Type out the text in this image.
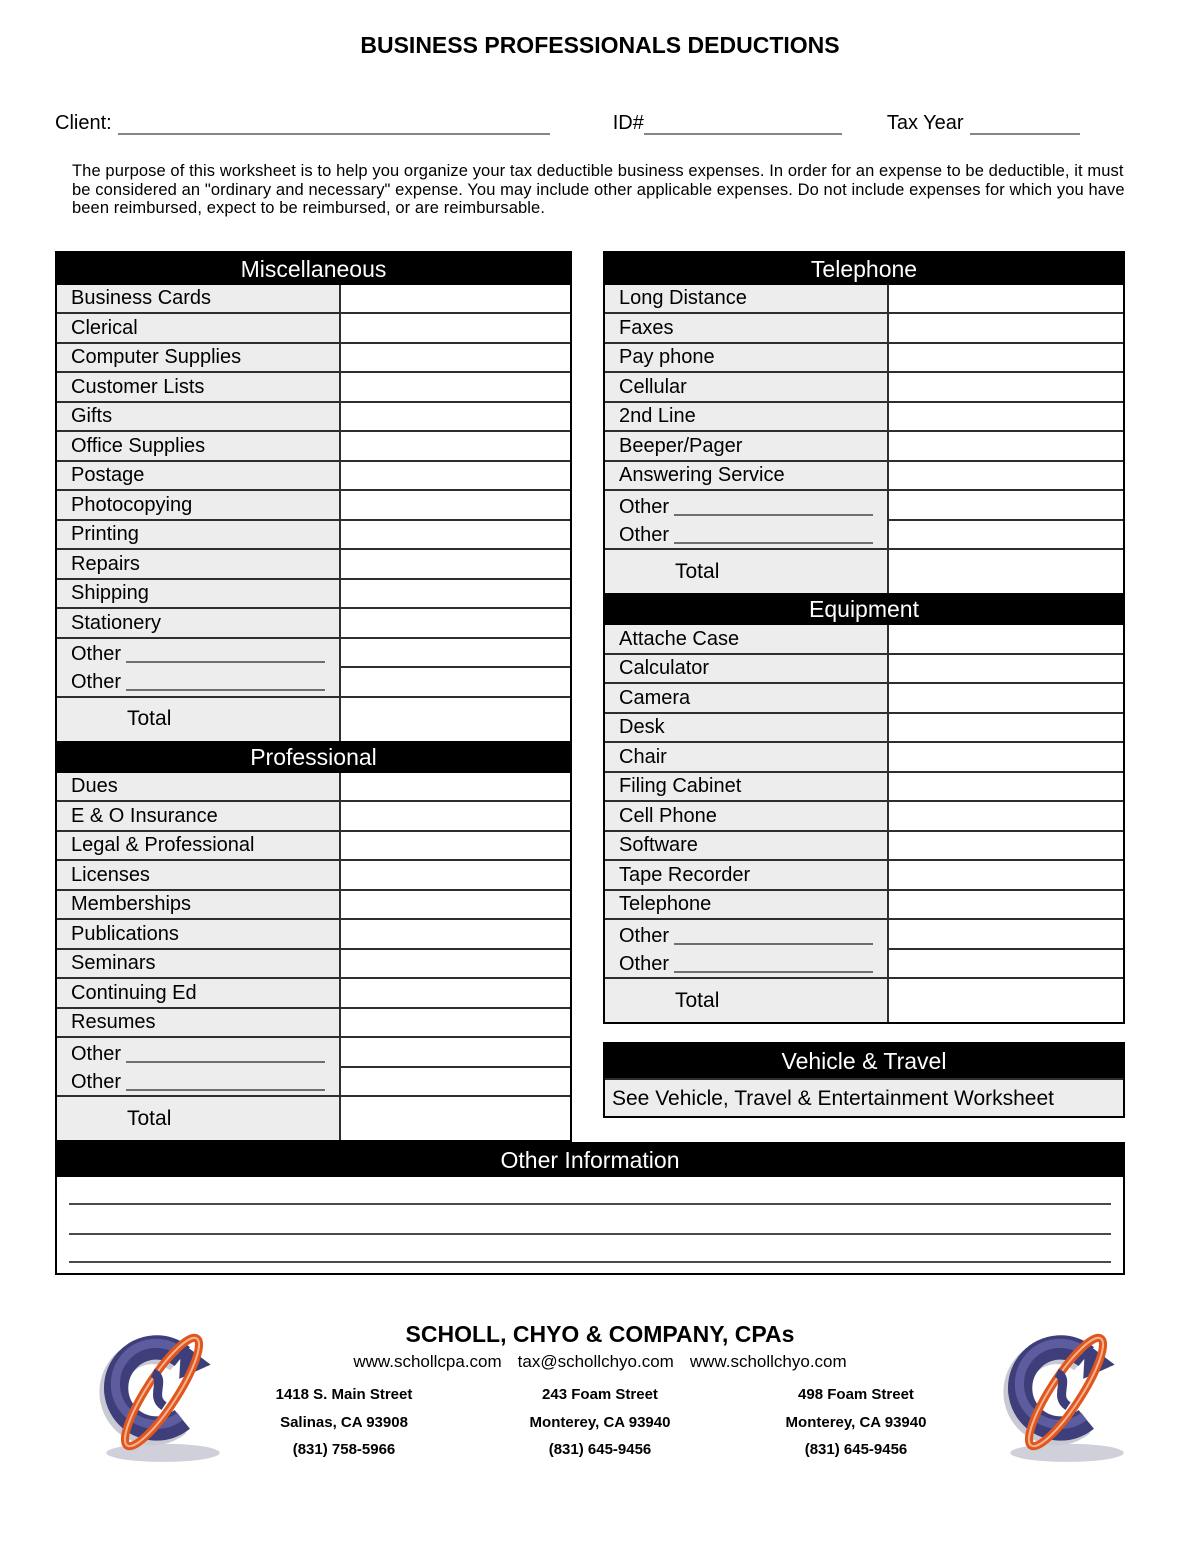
BUSINESS PROFESSIONALS DEDUCTIONS
Client:	ID#	Tax Year
The purpose of this worksheet is to help you organize your tax deductible business expenses. In order for an expense to be deductible, it must be considered an "ordinary and necessary" expense. You may include other applicable expenses. Do not include expenses for which you have been reimbursed, expect to be reimbursed, or are reimbursable.
Miscellaneous
Business Cards
Clerical
Computer Supplies
Customer Lists
Gifts
Office Supplies
Postage
Photocopying
Printing
Repairs
Shipping
Stationery
Other
Other
Total
Professional
Dues
E & O Insurance
Legal & Professional
Licenses
Memberships
Publications
Seminars
Continuing Ed
Resumes
Other
Other
Total
Telephone
Long Distance
Faxes
Pay phone
Cellular
2nd Line
Beeper/Pager
Answering Service
Other
Other
Total
Equipment
Attache Case
Calculator
Camera
Desk
Chair
Filing Cabinet
Cell Phone
Software
Tape Recorder
Telephone
Other
Other
Total
Vehicle & Travel
See Vehicle, Travel & Entertainment Worksheet
Other Information
SCHOLL, CHYO & COMPANY, CPAs
www.schollcpa.com tax@schollchyo.com www.schollchyo.com
1418 S. Main Street
Salinas, CA 93908
(831) 758-5966
243 Foam Street
Monterey, CA 93940
(831) 645-9456
498 Foam Street
Monterey, CA 93940
(831) 645-9456
